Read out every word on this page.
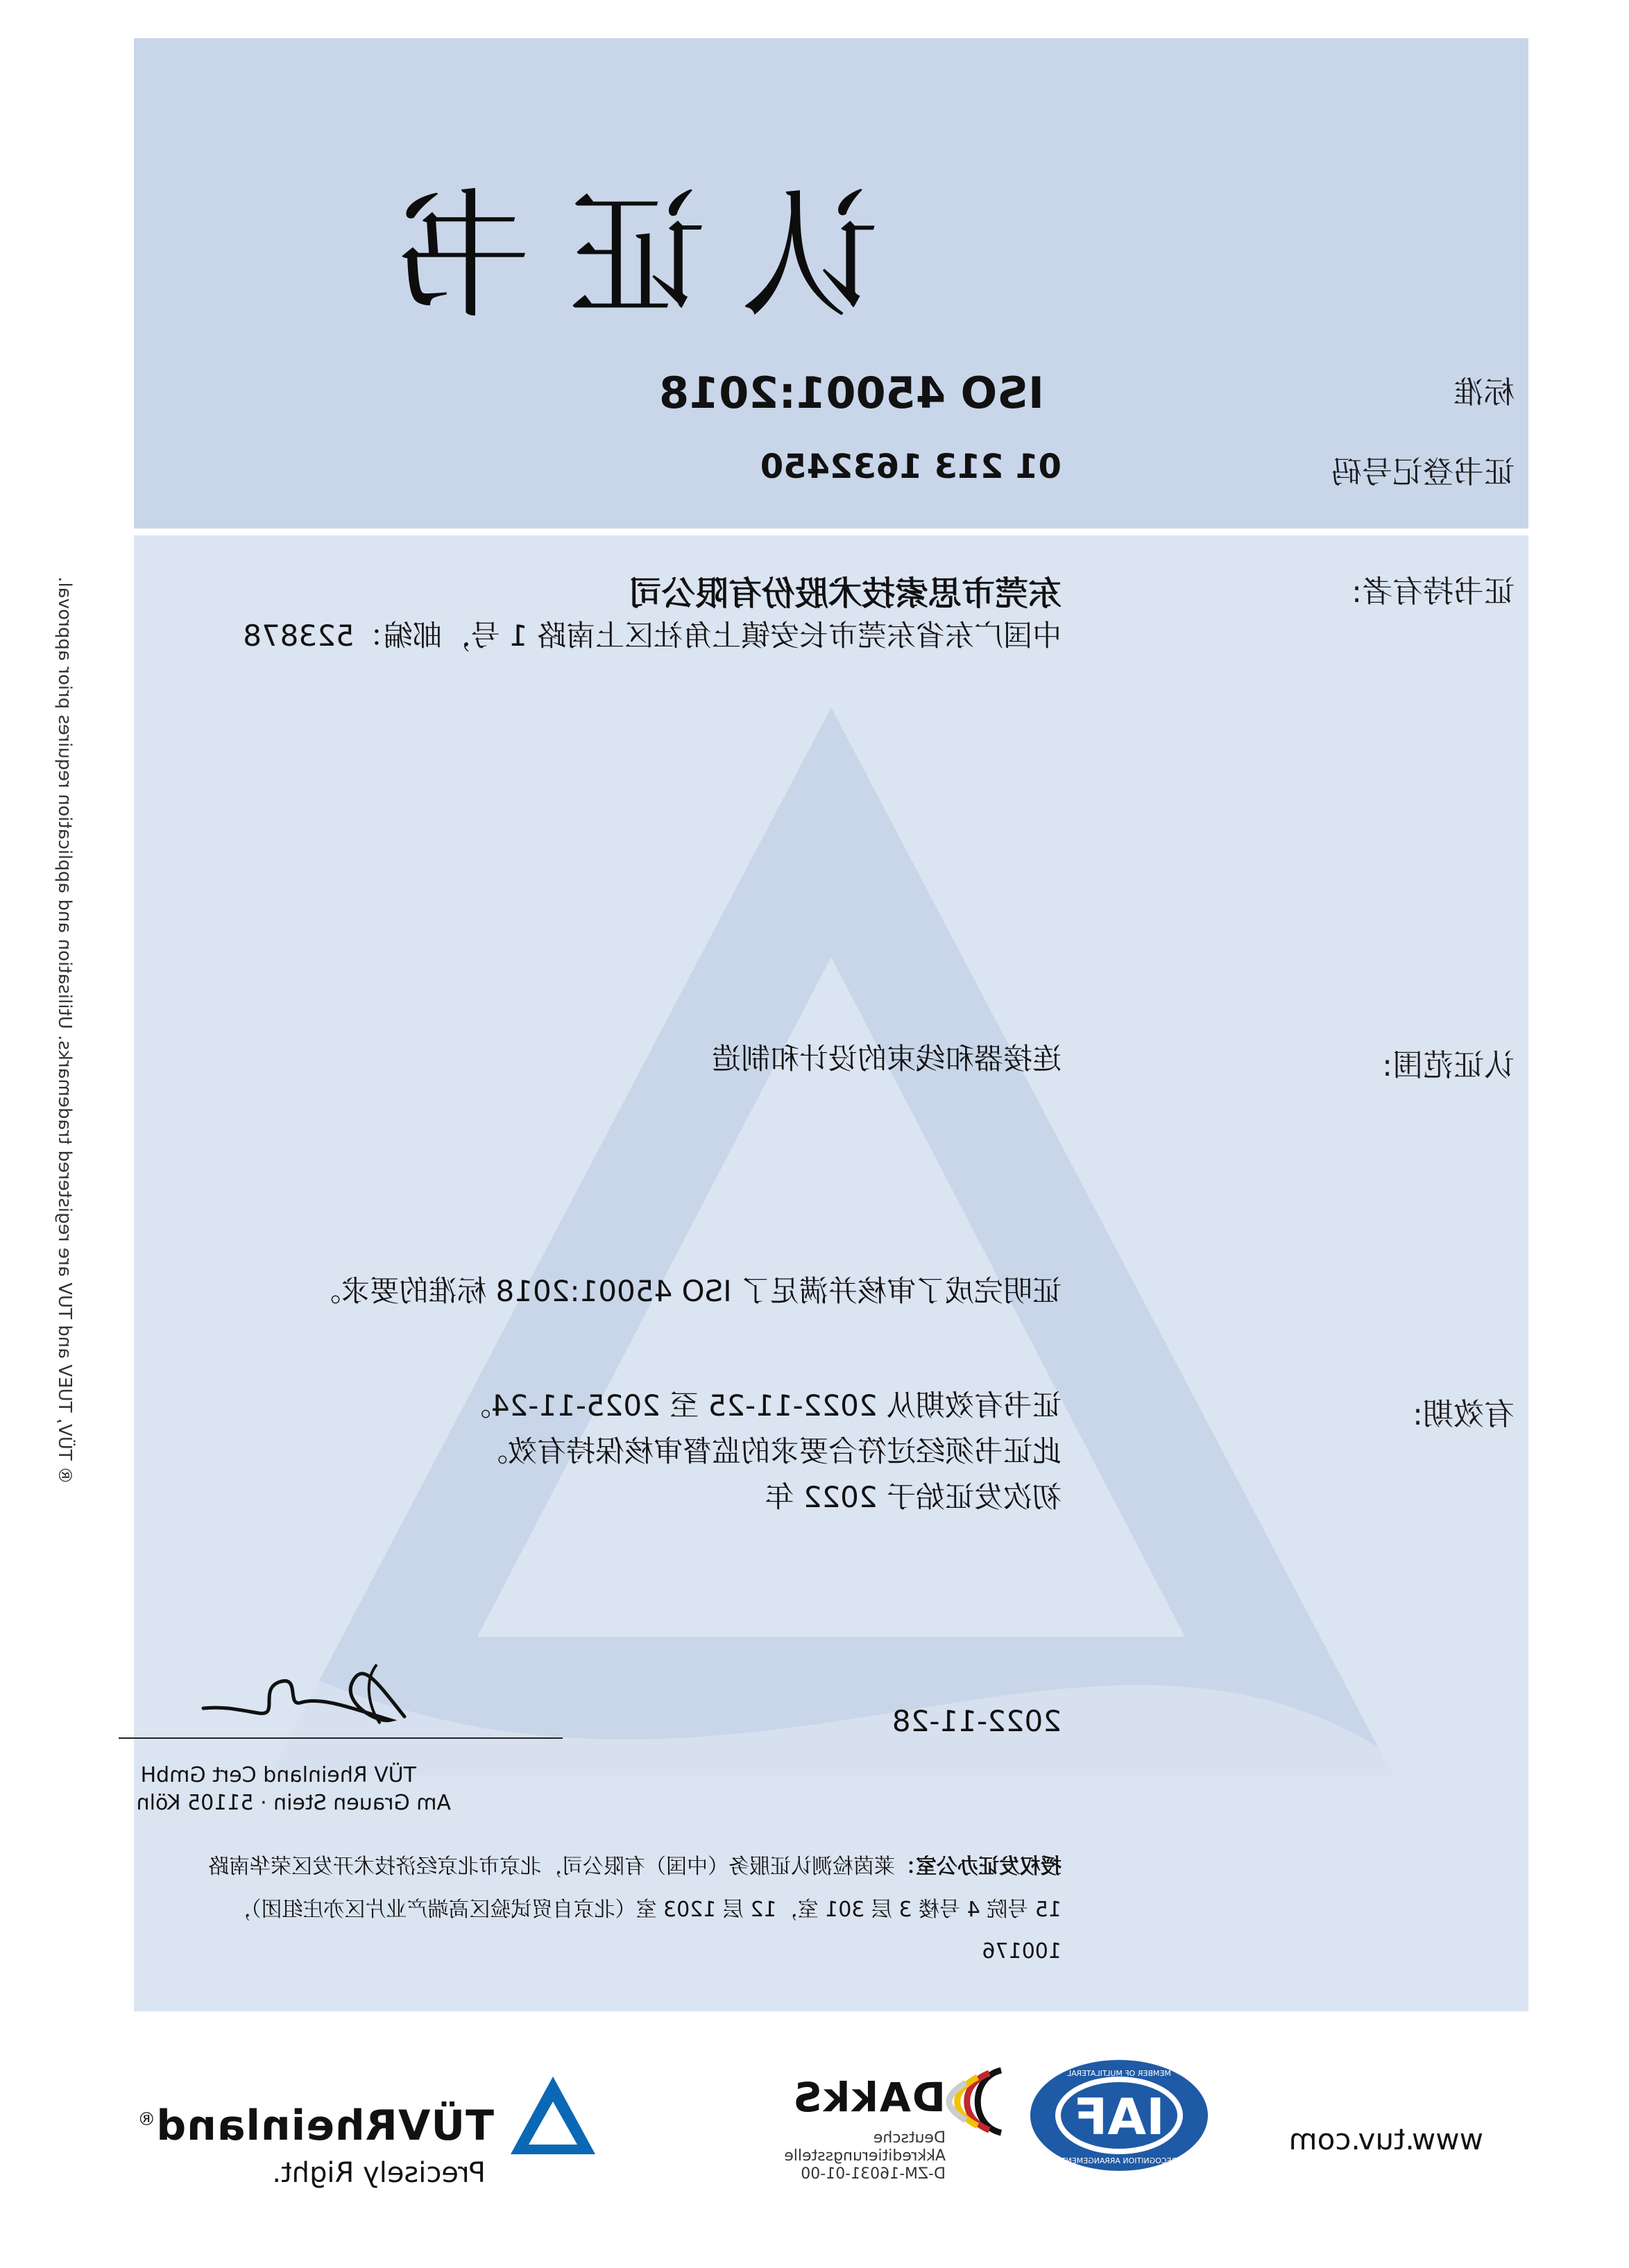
认证书
标准
ISO 45001:2018
证书登记号码
01 213 1632450
证书持有者:
东莞市思索技术股份有限公司
中国广东省东莞市长安镇上角社区上南路 1 号，邮编：523878
认证范围:
连接器和线束的设计和制造
证明完成了审核并满足了 ISO 45001:2018 标准的要求。
有效期:
证书有效期从 2022-11-25 至 2025-11-24。
此证书须经过符合要求的监督审核保持有效。
初次发证始于 2022 年
2022-11-28
TÜV Rheinland Cert GmbH
Am Grauen Stein · 51105 Köln
授权发证办公室：莱茵检测认证服务（中国）有限公司，北京市北京经济技术开发区荣华南路
15 号院 4 号楼 3 层 301 室，12 层 1203 室（北京自贸试验区高端产业片区亦庄组团），
100176
www.tuv.com
IAF
MEMBER OF MULTILATERAL
RECOGNITION ARRANGEMENT
DAkkS
Deutsche
Akkreditierungsstelle
D-ZM-16031-01-00
TÜVRheinland®
Precisely Right.
® TÜV, TUEV and TUV are registered trademarks. Utilisation and application requires prior approval.
